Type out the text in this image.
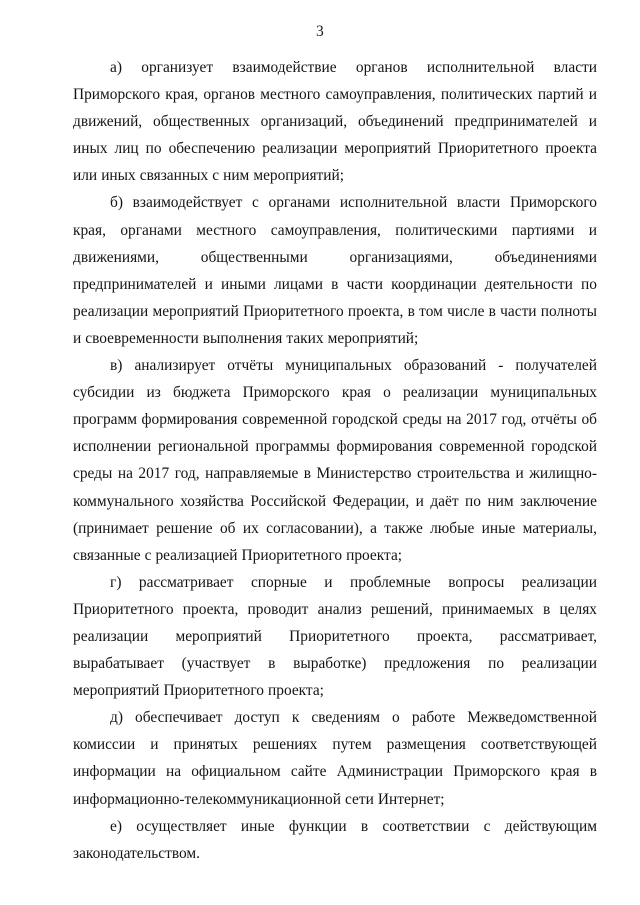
3

а) организует взаимодействие органов исполнительной власти Приморского края, органов местного самоуправления, политических партий и движений, общественных организаций, объединений предпринимателей и иных лиц по обеспечению реализации мероприятий Приоритетного проекта или иных связанных с ним мероприятий;

б) взаимодействует с органами исполнительной власти Приморского края, органами местного самоуправления, политическими партиями и движениями, общественными организациями, объединениями предпринимателей и иными лицами в части координации деятельности по реализации мероприятий Приоритетного проекта, в том числе в части полноты и своевременности выполнения таких мероприятий;

в) анализирует отчёты муниципальных образований - получателей субсидии из бюджета Приморского края о реализации муниципальных программ формирования современной городской среды на 2017 год, отчёты об исполнении региональной программы формирования современной городской среды на 2017 год, направляемые в Министерство строительства и жилищно-коммунального хозяйства Российской Федерации, и даёт по ним заключение (принимает решение об их согласовании), а также любые иные материалы, связанные с реализацией Приоритетного проекта;

г) рассматривает спорные и проблемные вопросы реализации Приоритетного проекта, проводит анализ решений, принимаемых в целях реализации мероприятий Приоритетного проекта, рассматривает, вырабатывает (участвует в выработке) предложения по реализации мероприятий Приоритетного проекта;

д) обеспечивает доступ к сведениям о работе Межведомственной комиссии и принятых решениях путем размещения соответствующей информации на официальном сайте Администрации Приморского края в информационно-телекоммуникационной сети Интернет;

е) осуществляет иные функции в соответствии с действующим законодательством.
